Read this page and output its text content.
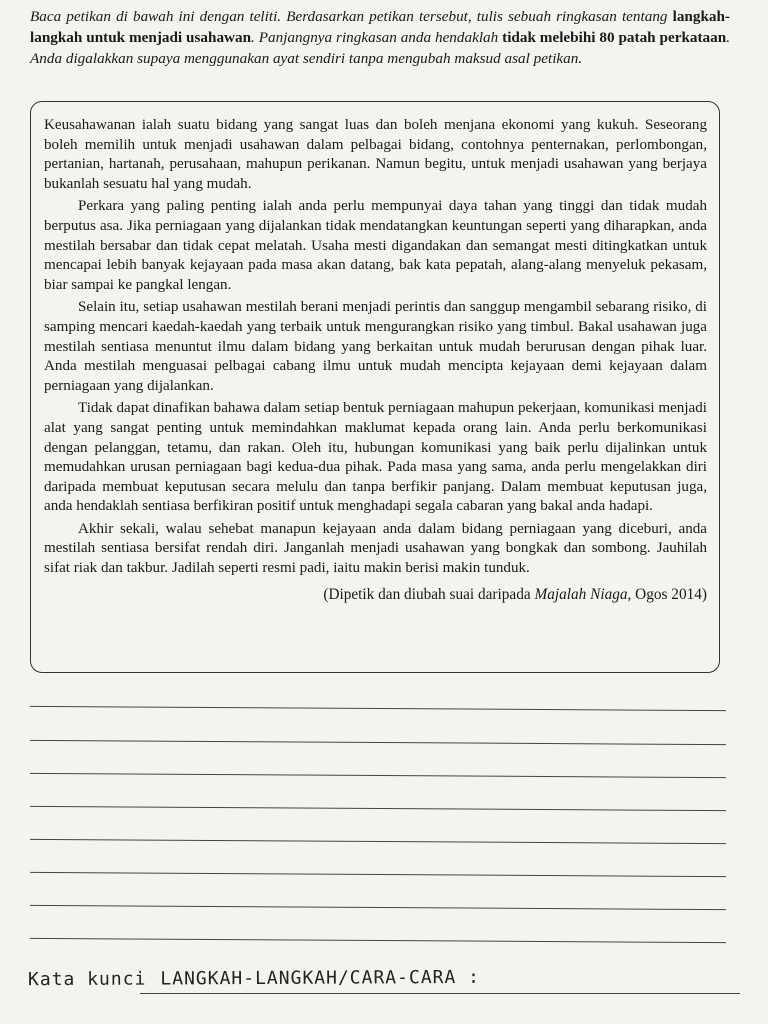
Baca petikan di bawah ini dengan teliti. Berdasarkan petikan tersebut, tulis sebuah ringkasan tentang langkah-langkah untuk menjadi usahawan. Panjangnya ringkasan anda hendaklah tidak melebihi 80 patah perkataan. Anda digalakkan supaya menggunakan ayat sendiri tanpa mengubah maksud asal petikan.

Keusahawanan ialah suatu bidang yang sangat luas dan boleh menjana ekonomi yang kukuh. Seseorang boleh memilih untuk menjadi usahawan dalam pelbagai bidang, contohnya penternakan, perlombongan, pertanian, hartanah, perusahaan, mahupun perikanan. Namun begitu, untuk menjadi usahawan yang berjaya bukanlah sesuatu hal yang mudah.

Perkara yang paling penting ialah anda perlu mempunyai daya tahan yang tinggi dan tidak mudah berputus asa. Jika perniagaan yang dijalankan tidak mendatangkan keuntungan seperti yang diharapkan, anda mestilah bersabar dan tidak cepat melatah. Usaha mesti digandakan dan semangat mesti ditingkatkan untuk mencapai lebih banyak kejayaan pada masa akan datang, bak kata pepatah, alang-alang menyeluk pekasam, biar sampai ke pangkal lengan.

Selain itu, setiap usahawan mestilah berani menjadi perintis dan sanggup mengambil sebarang risiko, di samping mencari kaedah-kaedah yang terbaik untuk mengurangkan risiko yang timbul. Bakal usahawan juga mestilah sentiasa menuntut ilmu dalam bidang yang berkaitan untuk mudah berurusan dengan pihak luar. Anda mestilah menguasai pelbagai cabang ilmu untuk mudah mencipta kejayaan demi kejayaan dalam perniagaan yang dijalankan.

Tidak dapat dinafikan bahawa dalam setiap bentuk perniagaan mahupun pekerjaan, komunikasi menjadi alat yang sangat penting untuk memindahkan maklumat kepada orang lain. Anda perlu berkomunikasi dengan pelanggan, tetamu, dan rakan. Oleh itu, hubungan komunikasi yang baik perlu dijalinkan untuk memudahkan urusan perniagaan bagi kedua-dua pihak. Pada masa yang sama, anda perlu mengelakkan diri daripada membuat keputusan secara melulu dan tanpa berfikir panjang. Dalam membuat keputusan juga, anda hendaklah sentiasa berfikiran positif untuk menghadapi segala cabaran yang bakal anda hadapi.

Akhir sekali, walau sehebat manapun kejayaan anda dalam bidang perniagaan yang diceburi, anda mestilah sentiasa bersifat rendah diri. Janganlah menjadi usahawan yang bongkak dan sombong. Jauhilah sifat riak dan takbur. Jadilah seperti resmi padi, iaitu makin berisi makin tunduk.

(Dipetik dan diubah suai daripada Majalah Niaga, Ogos 2014)
Kata kunci LANGKAH-LANGKAH/CARA-CARA :
